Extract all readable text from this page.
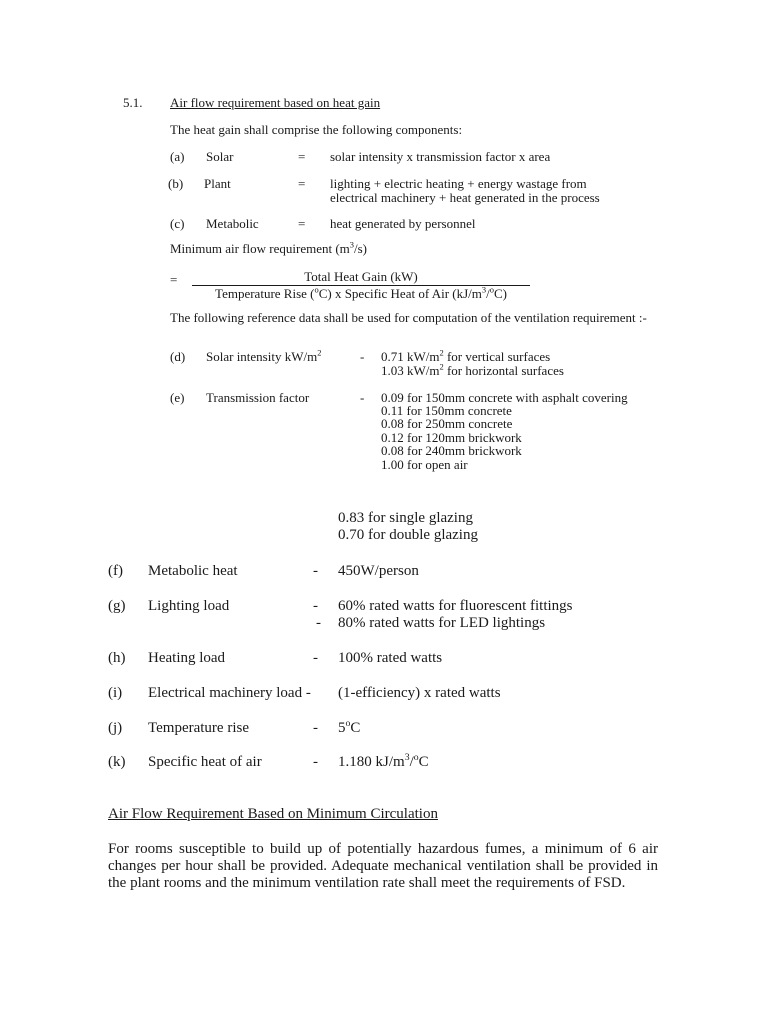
5.1. Air flow requirement based on heat gain
The heat gain shall comprise the following components:
(a) Solar	= solar intensity x transmission factor x area
(b) Plant	= lighting + electric heating + energy wastage from
electrical machinery + heat generated in the process
(c) Metabolic	= heat generated by personnel
Minimum air flow requirement $(m^3/s)$
=	Total Heat Gain (kW)
Temperature Rise ($^o$C) x Specific Heat of Air $(kJ/m^3/^oC)$
The following reference data shall be used for computation of the ventilation requirement :-
(d) Solar intensity $kW/m^2$	- 0.71 $kW/m^2$ for vertical surfaces
1.03 $kW/m^2$ for horizontal surfaces
(e) Transmission factor	- 0.09 for 150mm concrete with asphalt covering
0.11 for 150mm concrete
0.08 for 250mm concrete
0.12 for 120mm brickwork
0.08 for 240mm brickwork
1.00 for open air
0.83 for single glazing
0.70 for double glazing
(f) Metabolic heat	- 450W/person
(g) Lighting load	- 60% rated watts for fluorescent fittings
- 80% rated watts for LED lightings
(h) Heating load	- 100% rated watts
(i) Electrical machinery load - (1-efficiency) x rated watts
(j) Temperature rise	- 5$^o$C
(k) Specific heat of air	- 1.180 $kJ/m^3/^oC$
Air Flow Requirement Based on Minimum Circulation
For rooms susceptible to build up of potentially hazardous fumes, a minimum of 6 air changes per hour shall be provided. Adequate mechanical ventilation shall be provided in the plant rooms and the minimum ventilation rate shall meet the requirements of FSD.
